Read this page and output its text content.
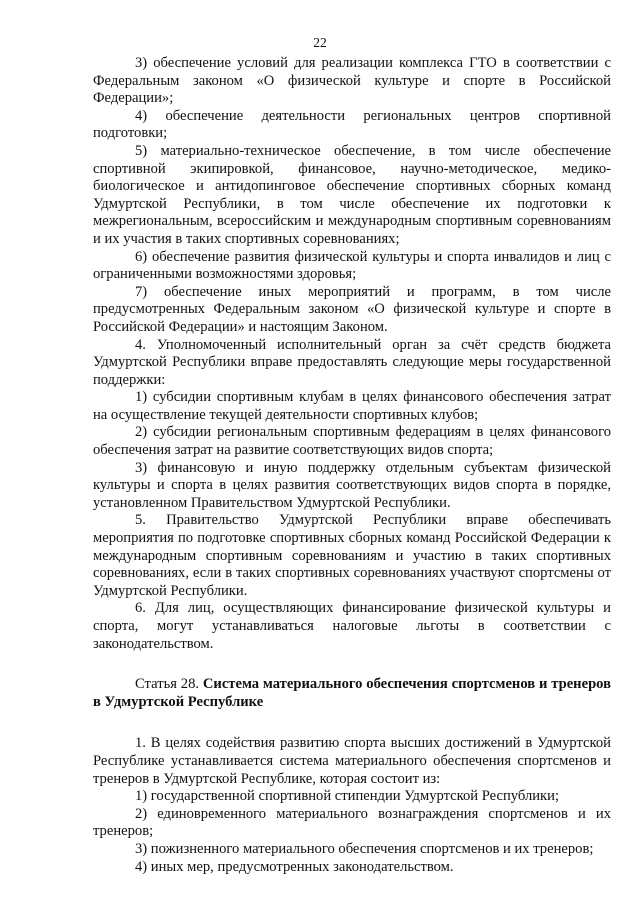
22

3) обеспечение условий для реализации комплекса ГТО в соответствии с Федеральным законом «О физической культуре и спорте в Российской Федерации»;

4) обеспечение деятельности региональных центров спортивной подготовки;

5) материально-техническое обеспечение, в том числе обеспечение спортивной экипировкой, финансовое, научно-методическое, медико-биологическое и антидопинговое обеспечение спортивных сборных команд Удмуртской Республики, в том числе обеспечение их подготовки к межрегиональным, всероссийским и международным спортивным соревнованиям и их участия в таких спортивных соревнованиях;

6) обеспечение развития физической культуры и спорта инвалидов и лиц с ограниченными возможностями здоровья;

7) обеспечение иных мероприятий и программ, в том числе предусмотренных Федеральным законом «О физической культуре и спорте в Российской Федерации» и настоящим Законом.

4. Уполномоченный исполнительный орган за счёт средств бюджета Удмуртской Республики вправе предоставлять следующие меры государственной поддержки:

1) субсидии спортивным клубам в целях финансового обеспечения затрат на осуществление текущей деятельности спортивных клубов;

2) субсидии региональным спортивным федерациям в целях финансового обеспечения затрат на развитие соответствующих видов спорта;

3) финансовую и иную поддержку отдельным субъектам физической культуры и спорта в целях развития соответствующих видов спорта в порядке, установленном Правительством Удмуртской Республики.

5. Правительство Удмуртской Республики вправе обеспечивать мероприятия по подготовке спортивных сборных команд Российской Федерации к международным спортивным соревнованиям и участию в таких спортивных соревнованиях, если в таких спортивных соревнованиях участвуют спортсмены от Удмуртской Республики.

6. Для лиц, осуществляющих финансирование физической культуры и спорта, могут устанавливаться налоговые льготы в соответствии с законодательством.

Статья 28. Система материального обеспечения спортсменов и тренеров в Удмуртской Республике

1. В целях содействия развитию спорта высших достижений в Удмуртской Республике устанавливается система материального обеспечения спортсменов и тренеров в Удмуртской Республике, которая состоит из:

1) государственной спортивной стипендии Удмуртской Республики;

2) единовременного материального вознаграждения спортсменов и их тренеров;

3) пожизненного материального обеспечения спортсменов и их тренеров;

4) иных мер, предусмотренных законодательством.
